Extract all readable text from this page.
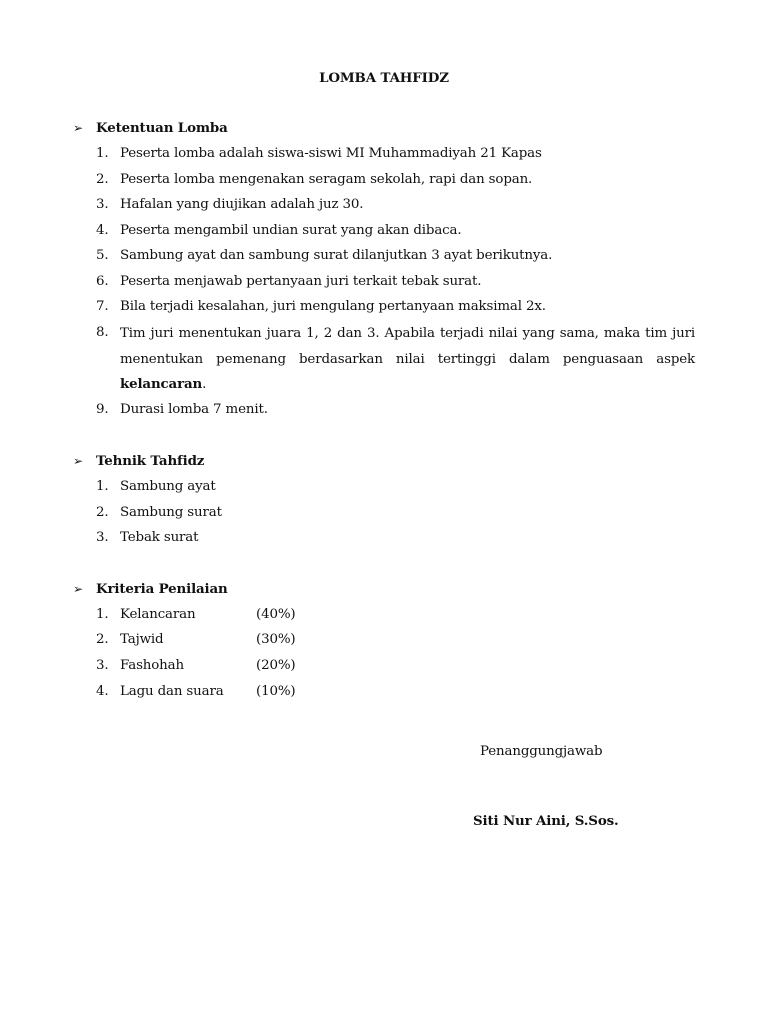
LOMBA TAHFIDZ
➢ Ketentuan Lomba
1. Peserta lomba adalah siswa-siswi MI Muhammadiyah 21 Kapas
2. Peserta lomba mengenakan seragam sekolah, rapi dan sopan.
3. Hafalan yang diujikan adalah juz 30.
4. Peserta mengambil undian surat yang akan dibaca.
5. Sambung ayat dan sambung surat dilanjutkan 3 ayat berikutnya.
6. Peserta menjawab pertanyaan juri terkait tebak surat.
7. Bila terjadi kesalahan, juri mengulang pertanyaan maksimal 2x.
8. Tim juri menentukan juara 1, 2 dan 3. Apabila terjadi nilai yang sama, maka tim juri menentukan pemenang berdasarkan nilai tertinggi dalam penguasaan aspek kelancaran.
9. Durasi lomba 7 menit.
➢ Tehnik Tahfidz
1. Sambung ayat
2. Sambung surat
3. Tebak surat
➢ Kriteria Penilaian
1. Kelancaran	(40%)
2. Tajwid	(30%)
3. Fashohah	(20%)
4. Lagu dan suara (10%)
Penanggungjawab
Siti Nur Aini, S.Sos.
